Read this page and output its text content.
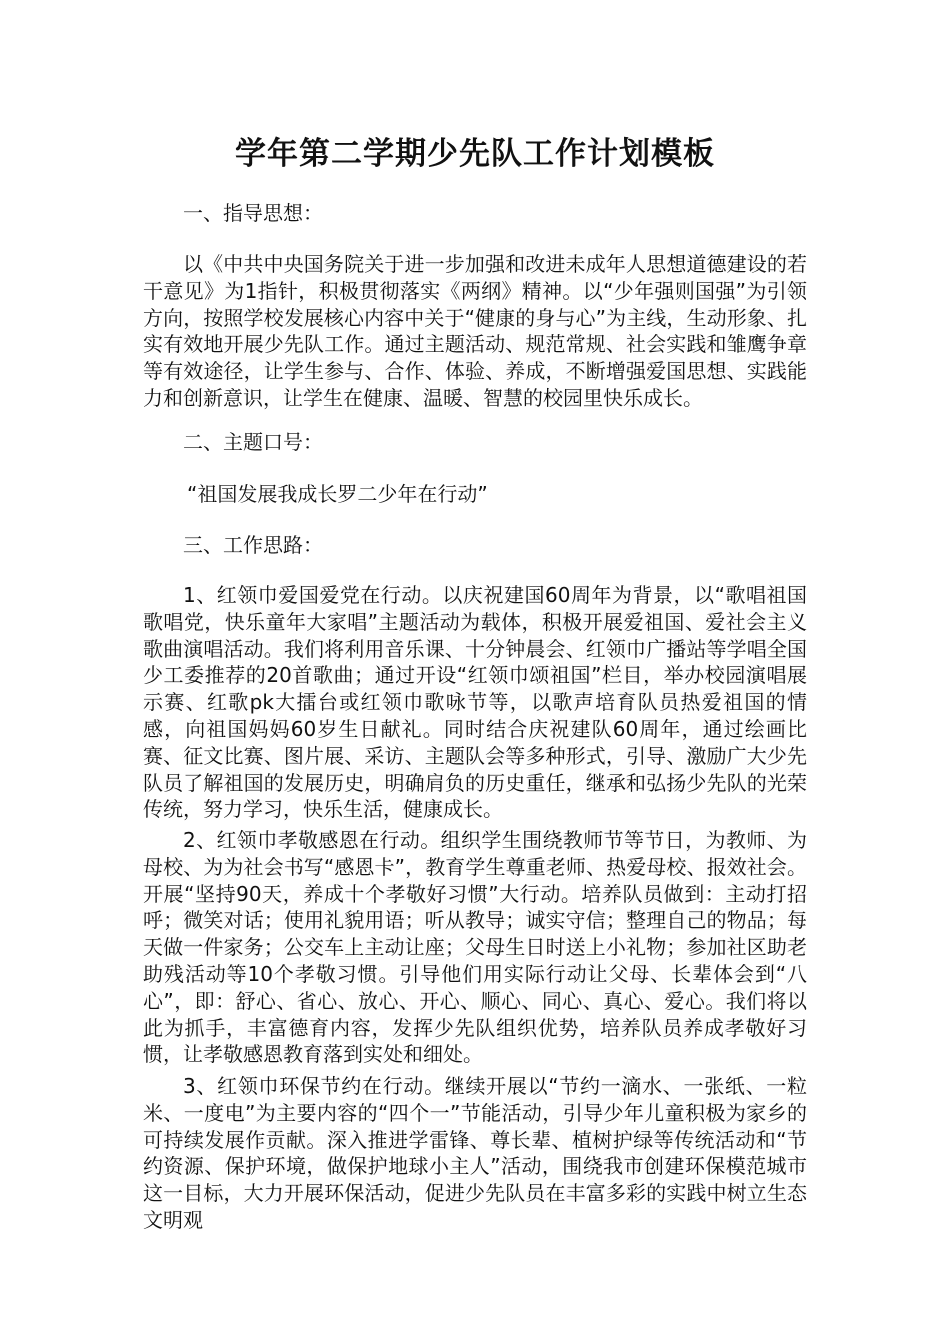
学年第二学期少先队工作计划模板

一、指导思想：

以《中共中央国务院关于进一步加强和改进未成年人思想道德建设的若干意见》为1指针，积极贯彻落实《两纲》精神。以“少年强则国强”为引领方向，按照学校发展核心内容中关于“健康的身与心”为主线，生动形象、扎实有效地开展少先队工作。通过主题活动、规范常规、社会实践和雏鹰争章等有效途径，让学生参与、合作、体验、养成，不断增强爱国思想、实践能力和创新意识，让学生在健康、温暖、智慧的校园里快乐成长。

二、主题口号：

“祖国发展我成长罗二少年在行动”

三、工作思路：

1、红领巾爱国爱党在行动。以庆祝建国60周年为背景，以“歌唱祖国歌唱党，快乐童年大家唱”主题活动为载体，积极开展爱祖国、爱社会主义歌曲演唱活动。我们将利用音乐课、十分钟晨会、红领巾广播站等学唱全国少工委推荐的20首歌曲；通过开设“红领巾颂祖国”栏目，举办校园演唱展示赛、红歌pk大擂台或红领巾歌咏节等，以歌声培育队员热爱祖国的情感，向祖国妈妈60岁生日献礼。同时结合庆祝建队60周年，通过绘画比赛、征文比赛、图片展、采访、主题队会等多种形式，引导、激励广大少先队员了解祖国的发展历史，明确肩负的历史重任，继承和弘扬少先队的光荣传统，努力学习，快乐生活，健康成长。

2、红领巾孝敬感恩在行动。组织学生围绕教师节等节日，为教师、为母校、为为社会书写“感恩卡”，教育学生尊重老师、热爱母校、报效社会。开展“坚持90天，养成十个孝敬好习惯”大行动。培养队员做到：主动打招呼；微笑对话；使用礼貌用语；听从教导；诚实守信；整理自己的物品；每天做一件家务；公交车上主动让座；父母生日时送上小礼物；参加社区助老助残活动等10个孝敬习惯。引导他们用实际行动让父母、长辈体会到“八心”，即：舒心、省心、放心、开心、顺心、同心、真心、爱心。我们将以此为抓手，丰富德育内容，发挥少先队组织优势，培养队员养成孝敬好习惯，让孝敬感恩教育落到实处和细处。

3、红领巾环保节约在行动。继续开展以“节约一滴水、一张纸、一粒米、一度电”为主要内容的“四个一”节能活动，引导少年儿童积极为家乡的可持续发展作贡献。深入推进学雷锋、尊长辈、植树护绿等传统活动和“节约资源、保护环境，做保护地球小主人”活动，围绕我市创建环保模范城市这一目标，大力开展环保活动，促进少先队员在丰富多彩的实践中树立生态文明观
